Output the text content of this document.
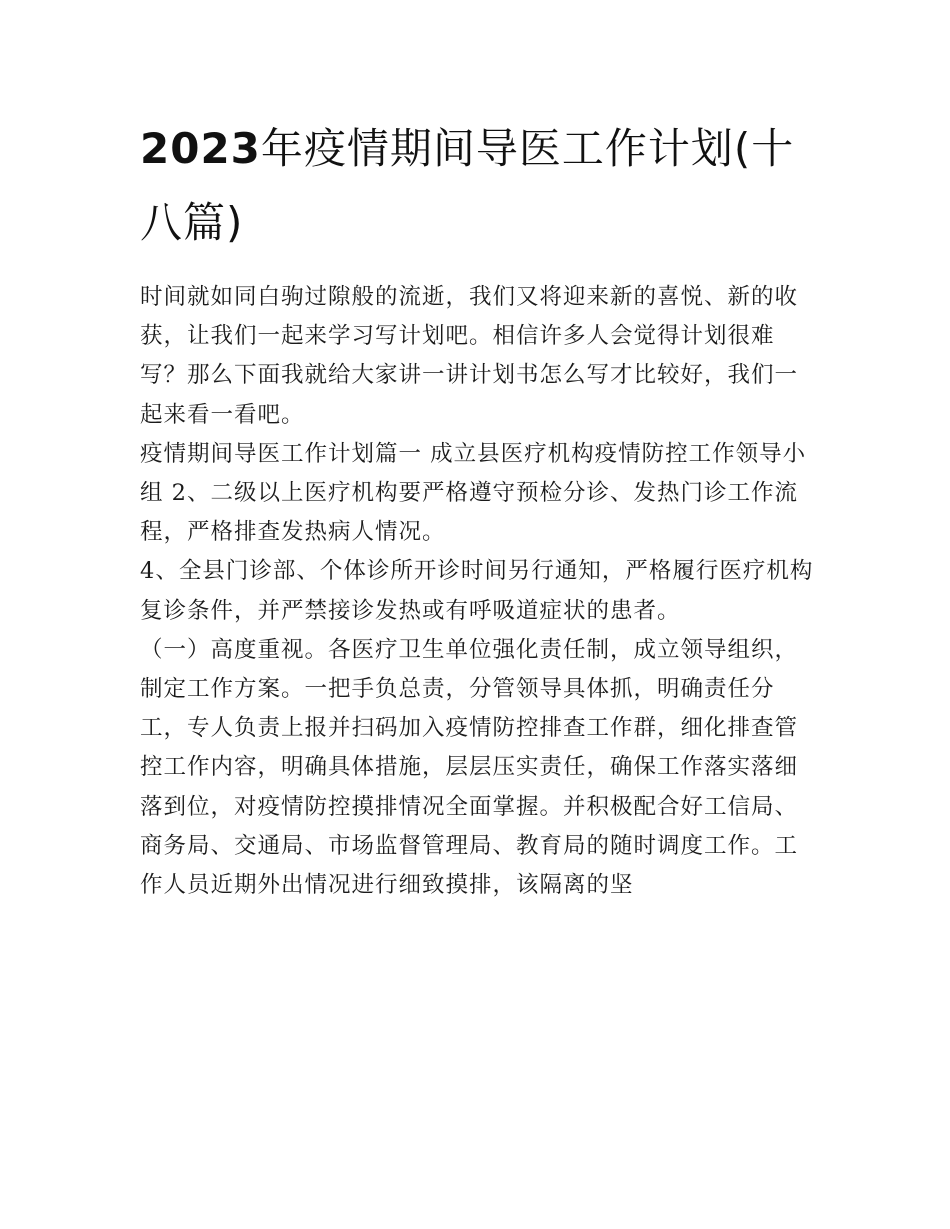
2023年疫情期间导医工作计划(十八篇)

时间就如同白驹过隙般的流逝，我们又将迎来新的喜悦、新的收获，让我们一起来学习写计划吧。相信许多人会觉得计划很难写？那么下面我就给大家讲一讲计划书怎么写才比较好，我们一起来看一看吧。

疫情期间导医工作计划篇一 成立县医疗机构疫情防控工作领导小组 2、二级以上医疗机构要严格遵守预检分诊、发热门诊工作流程，严格排查发热病人情况。

4、全县门诊部、个体诊所开诊时间另行通知，严格履行医疗机构复诊条件，并严禁接诊发热或有呼吸道症状的患者。

（一）高度重视。各医疗卫生单位强化责任制，成立领导组织，制定工作方案。一把手负总责，分管领导具体抓，明确责任分工，专人负责上报并扫码加入疫情防控排查工作群，细化排查管控工作内容，明确具体措施，层层压实责任，确保工作落实落细落到位，对疫情防控摸排情况全面掌握。并积极配合好工信局、商务局、交通局、市场监督管理局、教育局的随时调度工作。工作人员近期外出情况进行细致摸排，该隔离的坚
